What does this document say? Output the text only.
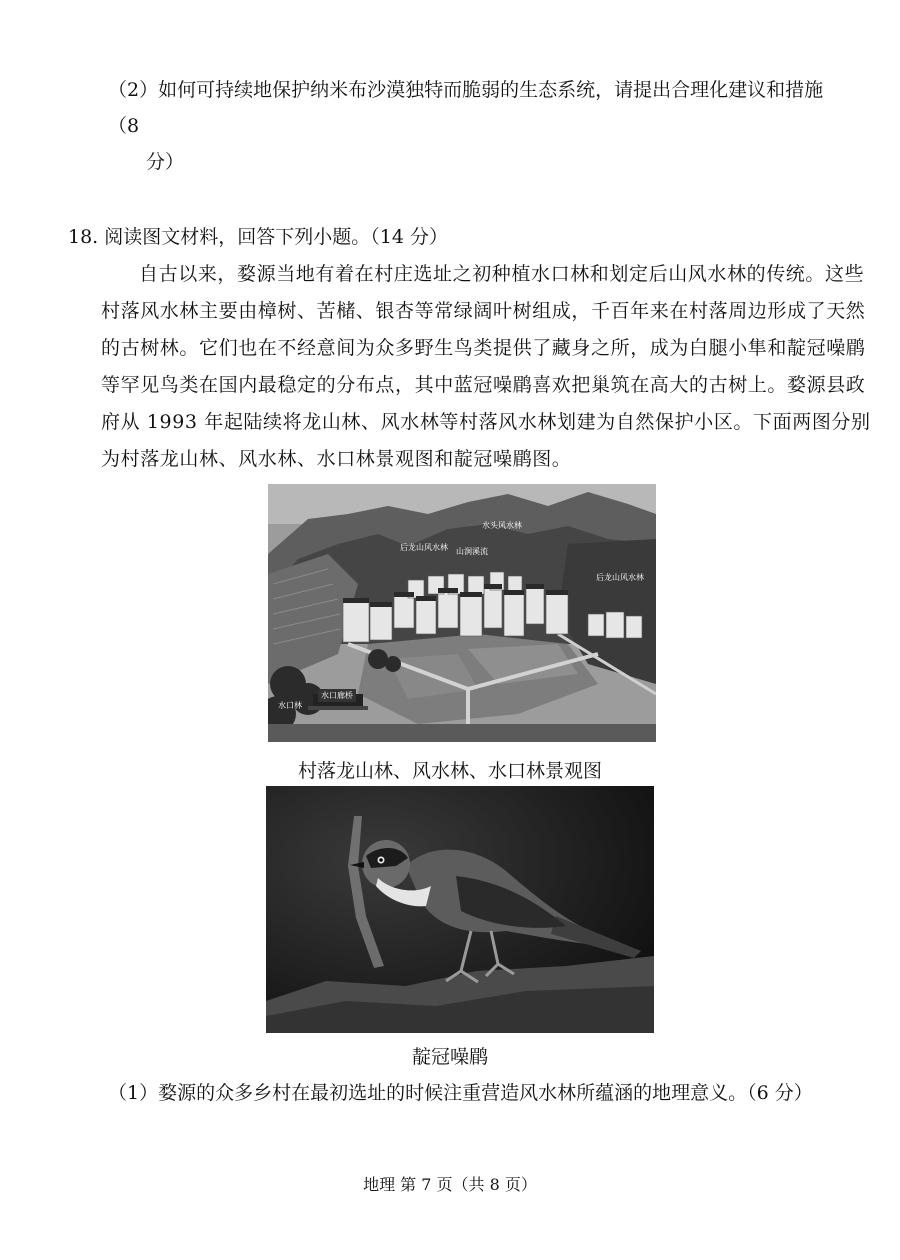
（2）如何可持续地保护纳米布沙漠独特而脆弱的生态系统，请提出合理化建议和措施（8
分）
18. 阅读图文材料，回答下列小题。（14 分）
自古以来，婺源当地有着在村庄选址之初种植水口林和划定后山风水林的传统。这些
村落风水林主要由樟树、苦槠、银杏等常绿阔叶树组成，千百年来在村落周边形成了天然
的古树林。它们也在不经意间为众多野生鸟类提供了藏身之所，成为白腿小隼和靛冠噪鹛
等罕见鸟类在国内最稳定的分布点，其中蓝冠噪鹛喜欢把巢筑在高大的古树上。婺源县政
府从 1993 年起陆续将龙山林、风水林等村落风水林划建为自然保护小区。下面两图分别
为村落龙山林、风水林、水口林景观图和靛冠噪鹛图。
水头风水林
后龙山风水林 山涧溪流
后龙山风水林
水口林
水口廊桥
村落龙山林、风水林、水口林景观图
靛冠噪鹛
（1）婺源的众多乡村在最初选址的时候注重营造风水林所蕴涵的地理意义。（6 分）
地理 第 7 页（共 8 页）
